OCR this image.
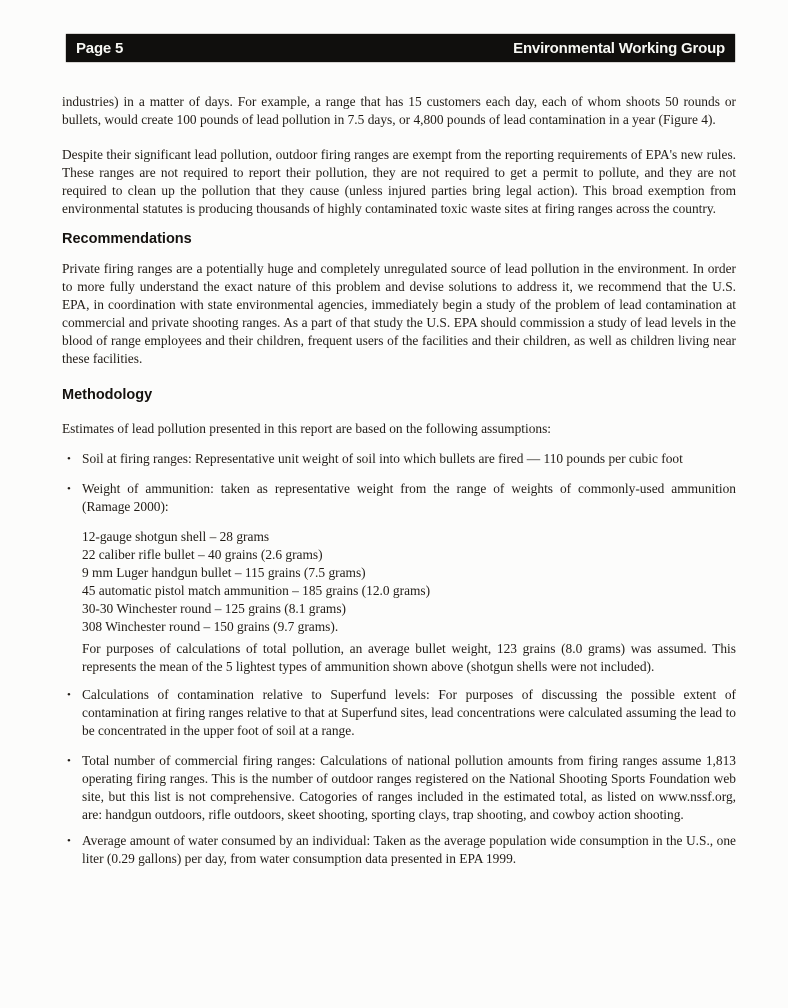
Page 5	Environmental Working Group

industries) in a matter of days. For example, a range that has 15 customers each day, each of whom shoots 50 rounds or bullets, would create 100 pounds of lead pollution in 7.5 days, or 4,800 pounds of lead contamination in a year (Figure 4).

Despite their significant lead pollution, outdoor firing ranges are exempt from the reporting requirements of EPA's new rules. These ranges are not required to report their pollution, they are not required to get a permit to pollute, and they are not required to clean up the pollution that they cause (unless injured parties bring legal action). This broad exemption from environmental statutes is producing thousands of highly contaminated toxic waste sites at firing ranges across the country.

Recommendations

Private firing ranges are a potentially huge and completely unregulated source of lead pollution in the environment. In order to more fully understand the exact nature of this problem and devise solutions to address it, we recommend that the U.S. EPA, in coordination with state environmental agencies, immediately begin a study of the problem of lead contamination at commercial and private shooting ranges. As a part of that study the U.S. EPA should commission a study of lead levels in the blood of range employees and their children, frequent users of the facilities and their children, as well as children living near these facilities.

Methodology

Estimates of lead pollution presented in this report are based on the following assumptions:

• Soil at firing ranges: Representative unit weight of soil into which bullets are fired — 110 pounds per cubic foot
• Weight of ammunition: taken as representative weight from the range of weights of commonly-used ammunition (Ramage 2000):
12-gauge shotgun shell – 28 grams
22 caliber rifle bullet – 40 grains (2.6 grams)
9 mm Luger handgun bullet – 115 grains (7.5 grams)
45 automatic pistol match ammunition – 185 grains (12.0 grams)
30-30 Winchester round – 125 grains (8.1 grams)
308 Winchester round – 150 grains (9.7 grams).

For purposes of calculations of total pollution, an average bullet weight, 123 grains (8.0 grams) was assumed. This represents the mean of the 5 lightest types of ammunition shown above (shotgun shells were not included).

• Calculations of contamination relative to Superfund levels: For purposes of discussing the possible extent of contamination at firing ranges relative to that at Superfund sites, lead concentrations were calculated assuming the lead to be concentrated in the upper foot of soil at a range.
• Total number of commercial firing ranges: Calculations of national pollution amounts from firing ranges assume 1,813 operating firing ranges. This is the number of outdoor ranges registered on the National Shooting Sports Foundation web site, but this list is not comprehensive. Catogories of ranges included in the estimated total, as listed on www.nssf.org, are: handgun outdoors, rifle outdoors, skeet shooting, sporting clays, trap shooting, and cowboy action shooting.
• Average amount of water consumed by an individual: Taken as the average population wide consumption in the U.S., one liter (0.29 gallons) per day, from water consumption data presented in EPA 1999.
